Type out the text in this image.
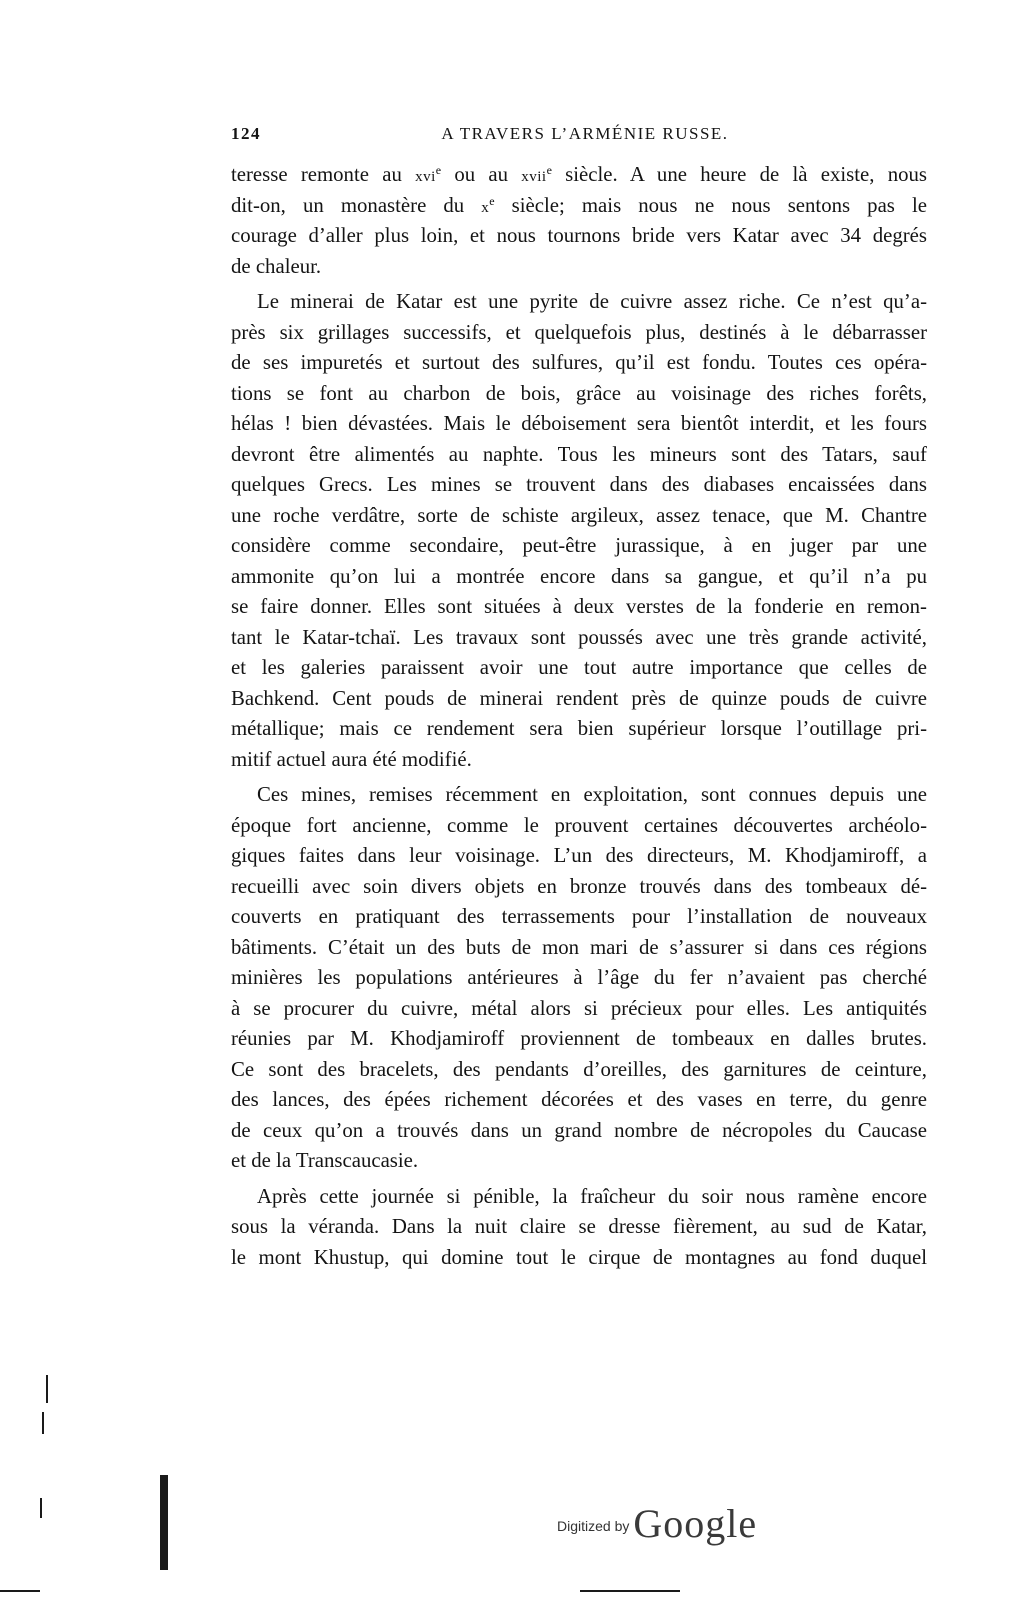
124	A TRAVERS L’ARMÉNIE RUSSE.
teresse remonte au xvi$^e$ ou au xvii$^e$ siècle. A une heure de là existe, nous
dit-on, un monastère du $x^e$ siècle; mais nous ne nous sentons pas le
courage d’aller plus loin, et nous tournons bride vers Katar avec 34 degrés
de chaleur.
Le minerai de Katar est une pyrite de cuivre assez riche. Ce n’est qu’a-
près six grillages successifs, et quelquefois plus, destinés à le débarrasser
de ses impuretés et surtout des sulfures, qu’il est fondu. Toutes ces opéra-
tions se font au charbon de bois, grâce au voisinage des riches forêts,
hélas ! bien dévastées. Mais le déboisement sera bientôt interdit, et les fours
devront être alimentés au naphte. Tous les mineurs sont des Tatars, sauf
quelques Grecs. Les mines se trouvent dans des diabases encaissées dans
une roche verdâtre, sorte de schiste argileux, assez tenace, que M. Chantre
considère comme secondaire, peut-être jurassique, à en juger par une
ammonite qu’on lui a montrée encore dans sa gangue, et qu’il n’a pu
se faire donner. Elles sont situées à deux verstes de la fonderie en remon-
tant le Katar-tchaï. Les travaux sont poussés avec une très grande activité,
et les galeries paraissent avoir une tout autre importance que celles de
Bachkend. Cent pouds de minerai rendent près de quinze pouds de cuivre
métallique; mais ce rendement sera bien supérieur lorsque l’outillage pri-
mitif actuel aura été modifié.
Ces mines, remises récemment en exploitation, sont connues depuis une
époque fort ancienne, comme le prouvent certaines découvertes archéolo-
giques faites dans leur voisinage. L’un des directeurs, M. Khodjamiroff, a
recueilli avec soin divers objets en bronze trouvés dans des tombeaux dé-
couverts en pratiquant des terrassements pour l’installation de nouveaux
bâtiments. C’était un des buts de mon mari de s’assurer si dans ces régions
minières les populations antérieures à l’âge du fer n’avaient pas cherché
à se procurer du cuivre, métal alors si précieux pour elles. Les antiquités
réunies par M. Khodjamiroff proviennent de tombeaux en dalles brutes.
Ce sont des bracelets, des pendants d’oreilles, des garnitures de ceinture,
des lances, des épées richement décorées et des vases en terre, du genre
de ceux qu’on a trouvés dans un grand nombre de nécropoles du Caucase
et de la Transcaucasie.
Après cette journée si pénible, la fraîcheur du soir nous ramène encore
sous la véranda. Dans la nuit claire se dresse fièrement, au sud de Katar,
le mont Khustup, qui domine tout le cirque de montagnes au fond duquel
Digitized by Google
